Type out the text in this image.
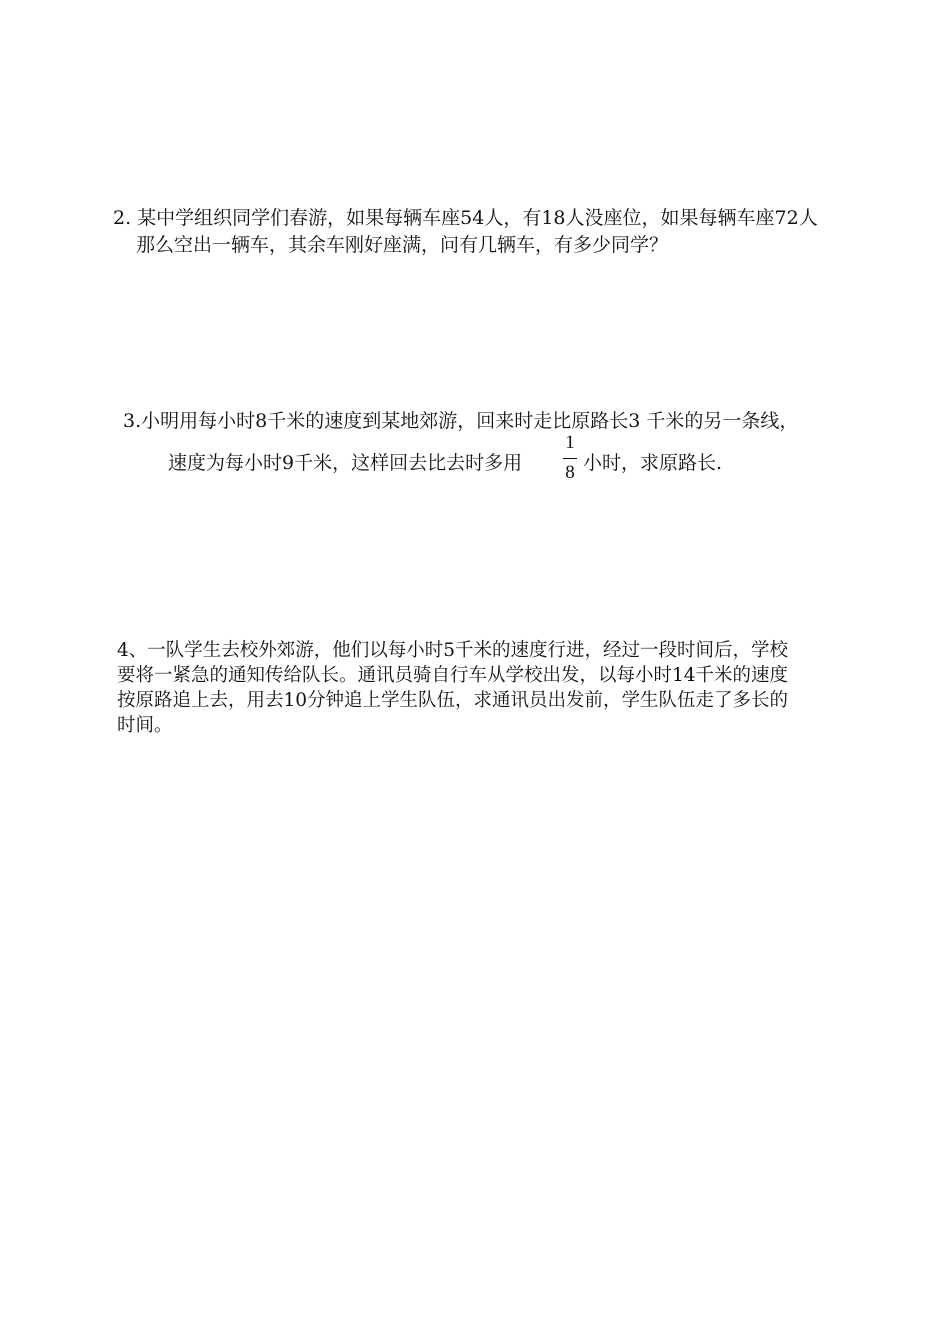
2. 某中学组织同学们春游，如果每辆车座54人，有18人没座位，如果每辆车座72人
那么空出一辆车，其余车刚好座满，问有几辆车，有多少同学？
3.小明用每小时8千米的速度到某地郊游，回来时走比原路长3 千米的另一条线，
速度为每小时9千米，这样回去比去时多用
1
8 小时，求原路长.
4、一队学生去校外郊游，他们以每小时5千米的速度行进，经过一段时间后，学校
要将一紧急的通知传给队长。通讯员骑自行车从学校出发，以每小时14千米的速度
按原路追上去，用去10分钟追上学生队伍，求通讯员出发前，学生队伍走了多长的
时间。
